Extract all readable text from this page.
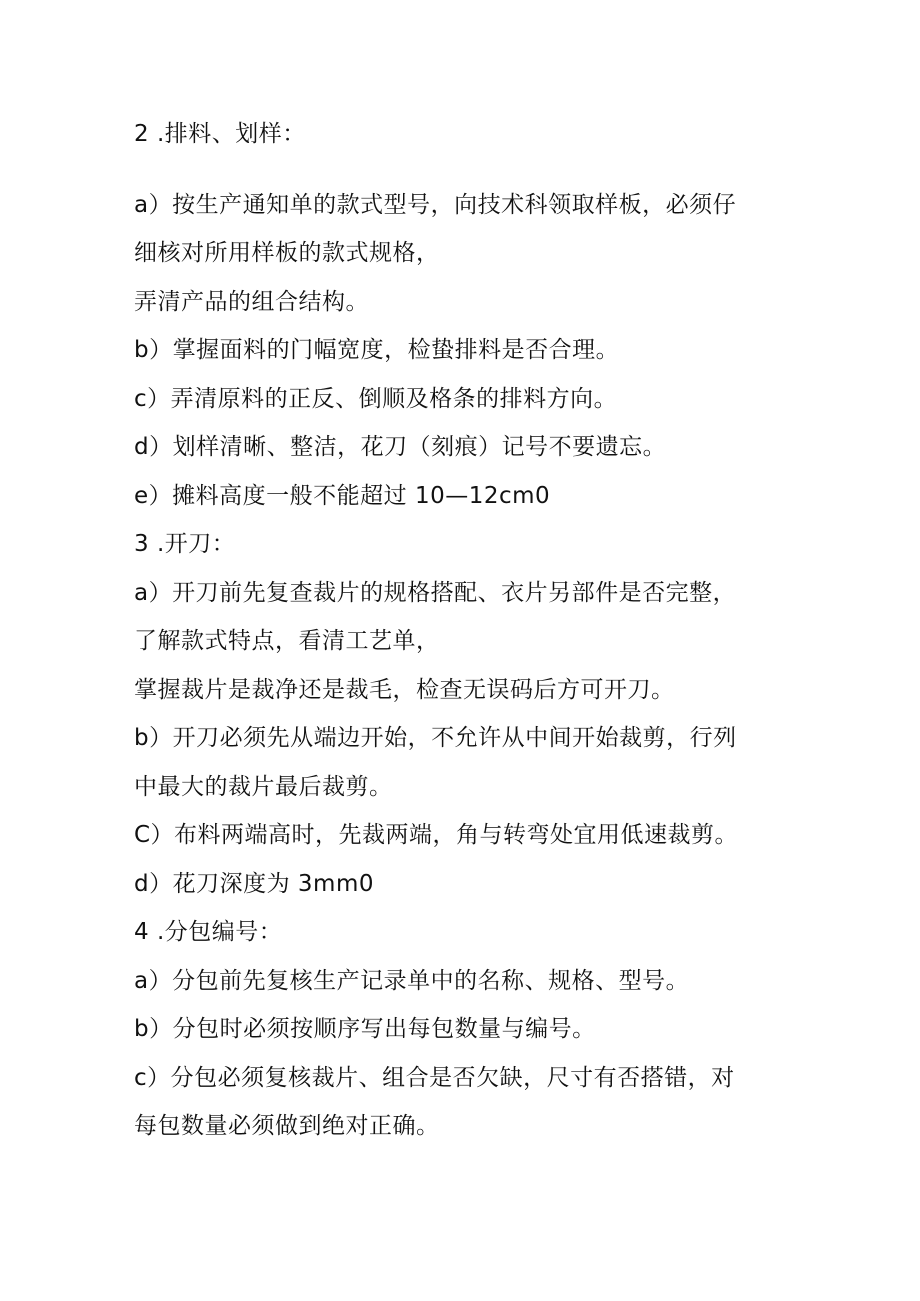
2 .排料、划样：
a）按生产通知单的款式型号，向技术科领取样板，必须仔
细核对所用样板的款式规格，
弄清产品的组合结构。
b）掌握面料的门幅宽度，检蛰排料是否合理。
c）弄清原料的正反、倒顺及格条的排料方向。
d）划样清晰、整洁，花刀（刻痕）记号不要遗忘。
e）摊料高度一般不能超过 10—12cm0
3 .开刀：
a）开刀前先复查裁片的规格搭配、衣片另部件是否完整，
了解款式特点，看清工艺单，
掌握裁片是裁净还是裁毛，检查无误码后方可开刀。
b）开刀必须先从端边开始，不允许从中间开始裁剪，行列
中最大的裁片最后裁剪。
C）布料两端高时，先裁两端，角与转弯处宜用低速裁剪。
d）花刀深度为 3mm0
4 .分包编号：
a）分包前先复核生产记录单中的名称、规格、型号。
b）分包时必须按顺序写出每包数量与编号。
c）分包必须复核裁片、组合是否欠缺，尺寸有否搭错，对
每包数量必须做到绝对正确。
